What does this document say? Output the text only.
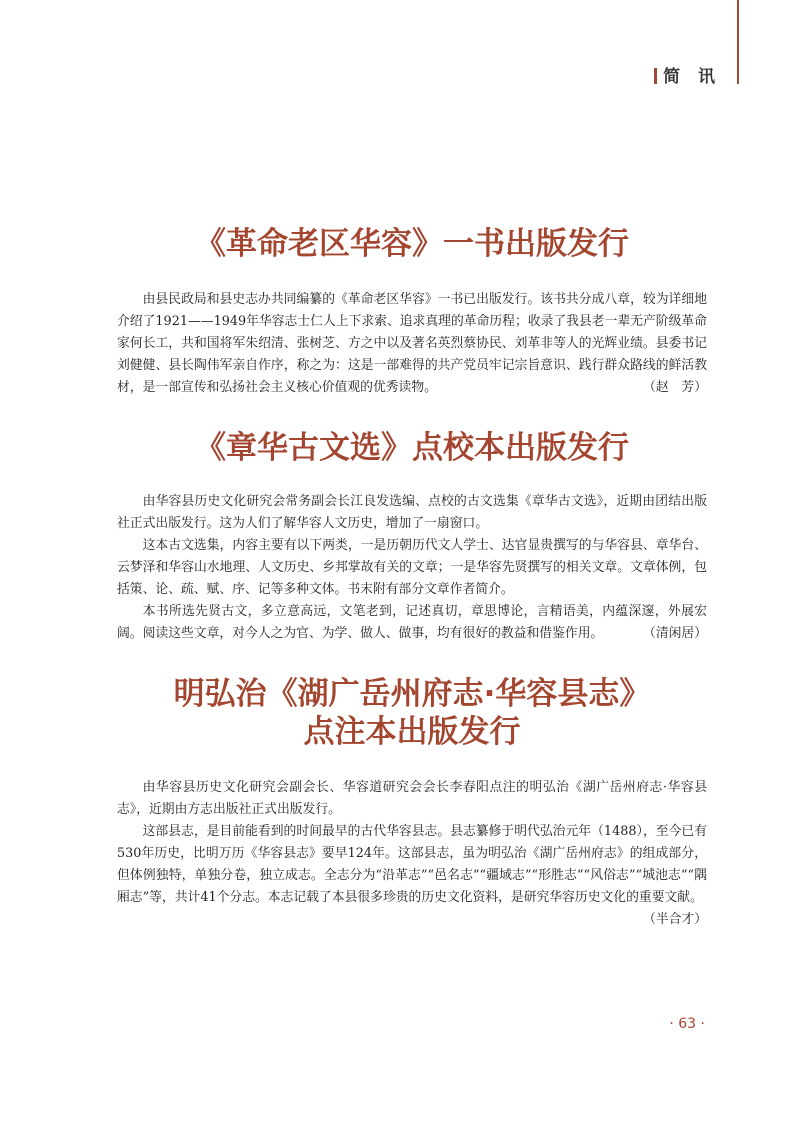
简 讯
《革命老区华容》一书出版发行

由县民政局和县史志办共同编纂的《革命老区华容》一书已出版发行。该书共分成八章，较为详细地介绍了1921——1949年华容志士仁人上下求索、追求真理的革命历程；收录了我县老一辈无产阶级革命家何长工，共和国将军朱绍清、张树芝、方之中以及著名英烈蔡协民、刘革非等人的光辉业绩。县委书记刘健健、县长陶伟军亲自作序，称之为：这是一部难得的共产党员牢记宗旨意识、践行群众路线的鲜活教材，是一部宣传和弘扬社会主义核心价值观的优秀读物。	（赵　芳）

《章华古文选》点校本出版发行

由华容县历史文化研究会常务副会长江良发选编、点校的古文选集《章华古文选》，近期由团结出版社正式出版发行。这为人们了解华容人文历史，增加了一扇窗口。

这本古文选集，内容主要有以下两类，一是历朝历代文人学士、达官显贵撰写的与华容县、章华台、云梦泽和华容山水地理、人文历史、乡邦掌故有关的文章；一是华容先贤撰写的相关文章。文章体例，包括策、论、疏、赋、序、记等多种文体。书末附有部分文章作者简介。

本书所选先贤古文，多立意高远，文笔老到，记述真切，章思博论，言精语美，内蕴深邃，外展宏阔。阅读这些文章，对今人之为官、为学、做人、做事，均有很好的教益和借鉴作用。	（清闲居）

明弘治《湖广岳州府志·华容县志》
点注本出版发行

由华容县历史文化研究会副会长、华容道研究会会长李春阳点注的明弘治《湖广岳州府志·华容县志》，近期由方志出版社正式出版发行。

这部县志，是目前能看到的时间最早的古代华容县志。县志纂修于明代弘治元年（1488），至今已有530年历史，比明万历《华容县志》要早124年。这部县志，虽为明弘治《湖广岳州府志》的组成部分，但体例独特，单独分卷，独立成志。全志分为“沿革志”“邑名志”“疆域志”“形胜志”“风俗志”“城池志”“隅厢志”等，共计41个分志。本志记载了本县很多珍贵的历史文化资料，是研究华容历史文化的重要文献。
（半合才）

· 63 ·
